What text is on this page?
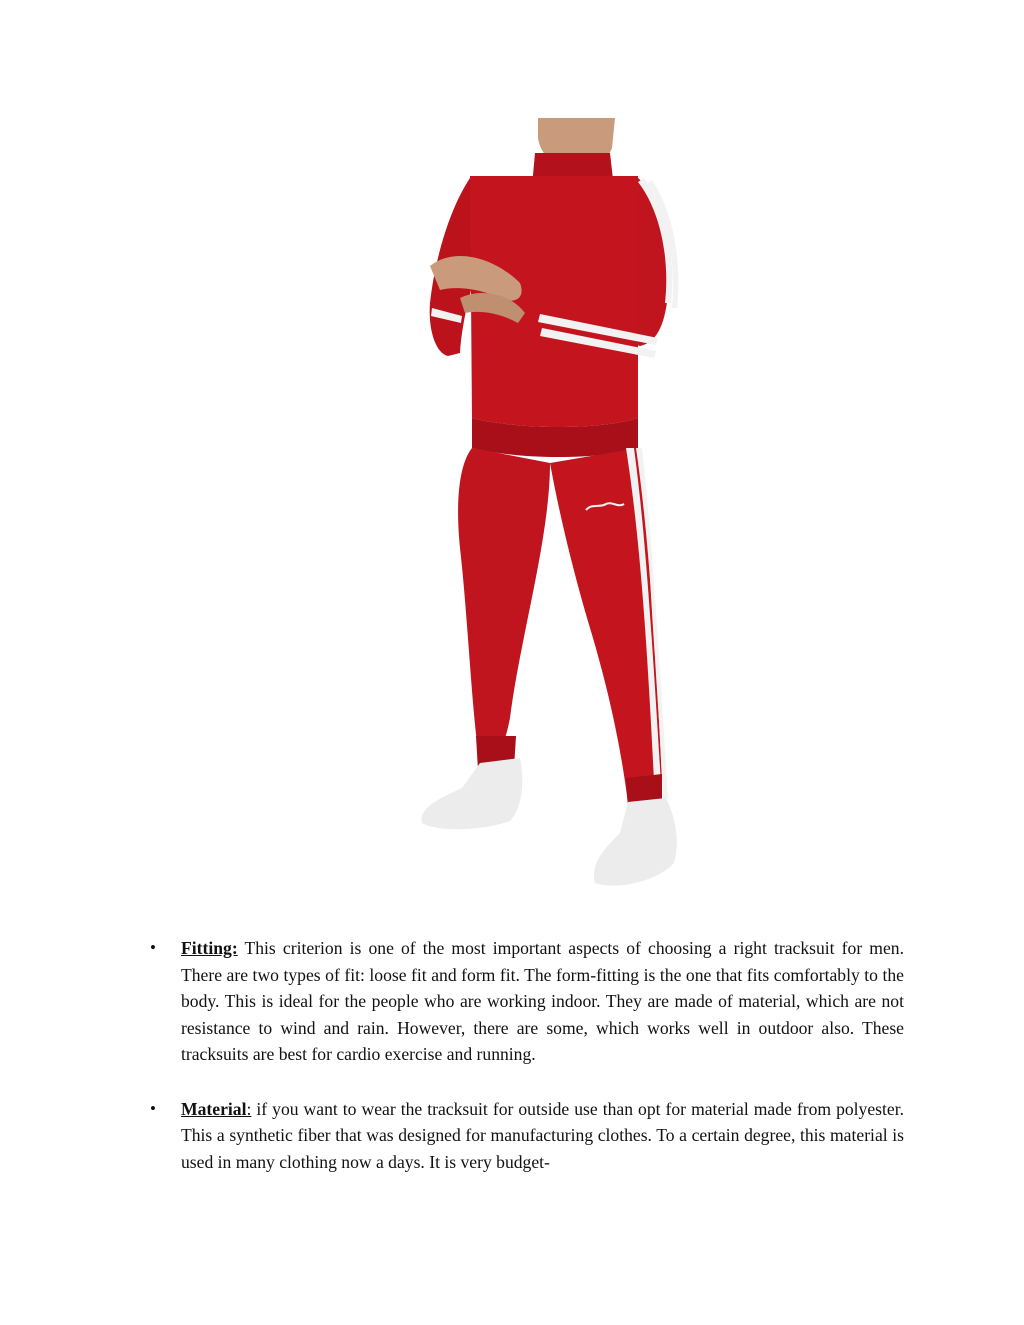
• Fitting: This criterion is one of the most important aspects of choosing a right tracksuit for men. There are two types of fit: loose fit and form fit. The form-fitting is the one that fits comfortably to the body. This is ideal for the people who are working indoor. They are made of material, which are not resistance to wind and rain. However, there are some, which works well in outdoor also. These tracksuits are best for cardio exercise and running.
• Material: if you want to wear the tracksuit for outside use than opt for material made from polyester. This a synthetic fiber that was designed for manufacturing clothes. To a certain degree, this material is used in many clothing now a days. It is very budget-
